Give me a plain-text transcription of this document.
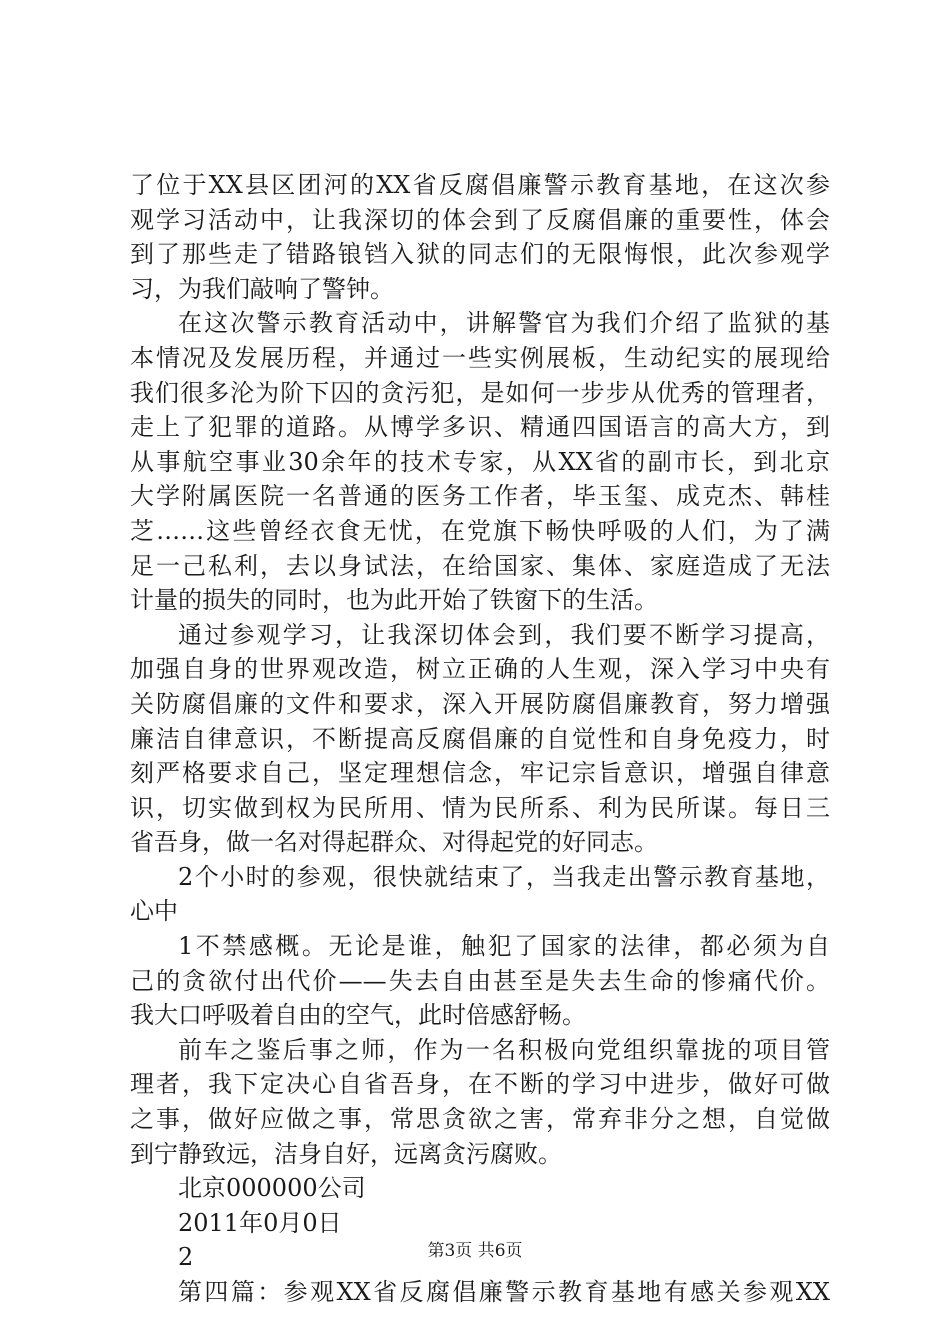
了位于XX县区团河的XX省反腐倡廉警示教育基地，在这次参
观学习活动中，让我深切的体会到了反腐倡廉的重要性，体会
到了那些走了错路锒铛入狱的同志们的无限悔恨，此次参观学
习，为我们敲响了警钟。
在这次警示教育活动中，讲解警官为我们介绍了监狱的基
本情况及发展历程，并通过一些实例展板，生动纪实的展现给
我们很多沦为阶下囚的贪污犯，是如何一步步从优秀的管理者，
走上了犯罪的道路。从博学多识、精通四国语言的高大方，到
从事航空事业30余年的技术专家，从XX省的副市长，到北京
大学附属医院一名普通的医务工作者，毕玉玺、成克杰、韩桂
芝……这些曾经衣食无忧，在党旗下畅快呼吸的人们，为了满
足一己私利，去以身试法，在给国家、集体、家庭造成了无法
计量的损失的同时，也为此开始了铁窗下的生活。
通过参观学习，让我深切体会到，我们要不断学习提高，
加强自身的世界观改造，树立正确的人生观，深入学习中央有
关防腐倡廉的文件和要求，深入开展防腐倡廉教育，努力增强
廉洁自律意识，不断提高反腐倡廉的自觉性和自身免疫力，时
刻严格要求自己，坚定理想信念，牢记宗旨意识，增强自律意
识，切实做到权为民所用、情为民所系、利为民所谋。每日三
省吾身，做一名对得起群众、对得起党的好同志。
2个小时的参观，很快就结束了，当我走出警示教育基地，
心中
1不禁感概。无论是谁，触犯了国家的法律，都必须为自
己的贪欲付出代价——失去自由甚至是失去生命的惨痛代价。
我大口呼吸着自由的空气，此时倍感舒畅。
前车之鉴后事之师，作为一名积极向党组织靠拢的项目管
理者，我下定决心自省吾身，在不断的学习中进步，做好可做
之事，做好应做之事，常思贪欲之害，常弃非分之想，自觉做
到宁静致远，洁身自好，远离贪污腐败。
北京000000公司
2011年0月0日
2
第四篇：参观XX省反腐倡廉警示教育基地有感关参观XX
第3页 共6页
